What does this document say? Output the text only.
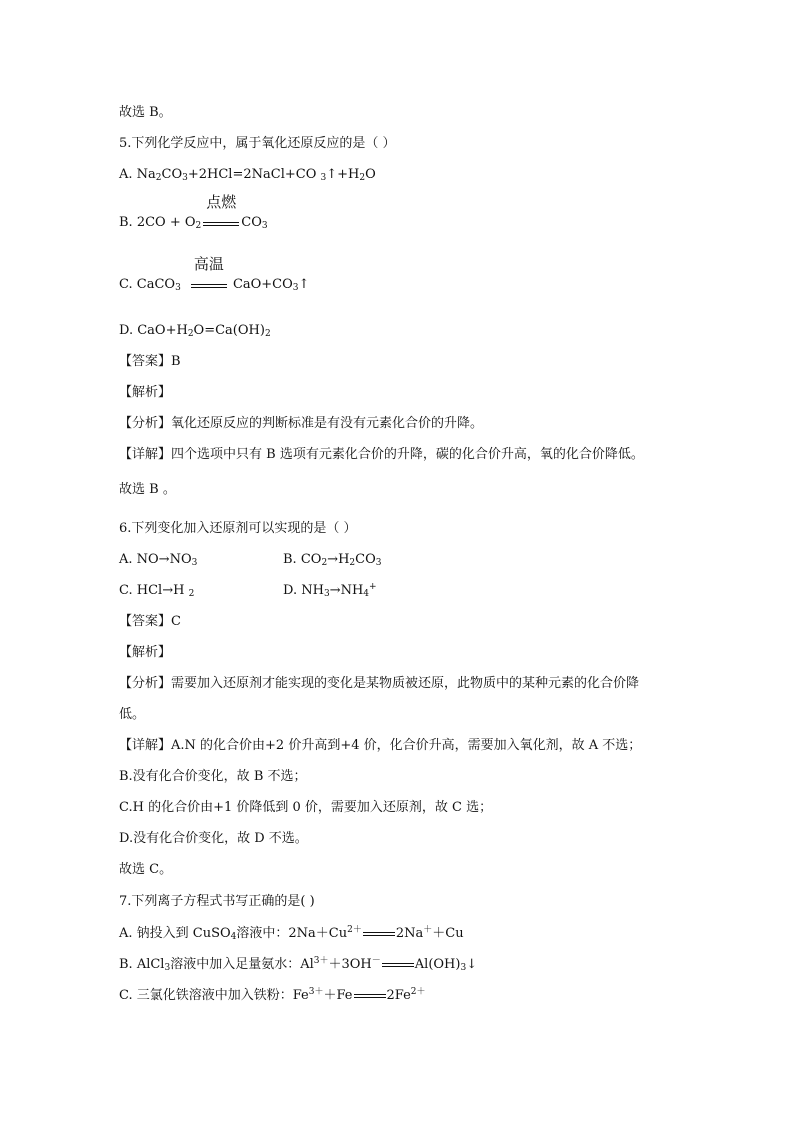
故选 B。
5.下列化学反应中，属于氧化还原反应的是（ ）
A. $Na_2CO_3+2HCl=2NaCl+CO$ $_3↑+H_2O$
B. $2CO + O_2$
点燃
$CO_3$
C. CaCO$_3$
高温
$CaO+CO_3↑$
D. $CaO+H_2O=Ca(OH)_2$
【答案】B
【解析】
【分析】氧化还原反应的判断标准是有没有元素化合价的升降。
【详解】四个选项中只有 B 选项有元素化合价的升降，碳的化合价升高，氧的化合价降低。
故选 B 。
6.下列变化加入还原剂可以实现的是（ ）
A. $NO\to NO_3$	B. $CO_2\to H_2CO_3$
C. HCl→H $_2$	D. $NH_3\to NH_4^+$
【答案】C
【解析】
【分析】需要加入还原剂才能实现的变化是某物质被还原，此物质中的某种元素的化合价降
低。
【详解】A.N 的化合价由+2 价升高到+4 价，化合价升高，需要加入氧化剂，故 A 不选；
B.没有化合价变化，故 B 不选；
C.H 的化合价由+1 价降低到 0 价，需要加入还原剂，故 C 选；
D.没有化合价变化，故 D 不选。
故选 C。
7.下列离子方程式书写正确的是( )
A. 钠投入到 CuSO$_4$溶液中：$2Na+Cu^{2+}$	2Na＋＋Cu
B. AlCl$_3$溶液中加入足量氨水：$Al^{3+}+3OH^-$	$Al(OH)_3↓$
C. 三氯化铁溶液中加入铁粉：$Fe^{3+}+Fe$	$2Fe^{2+}$
